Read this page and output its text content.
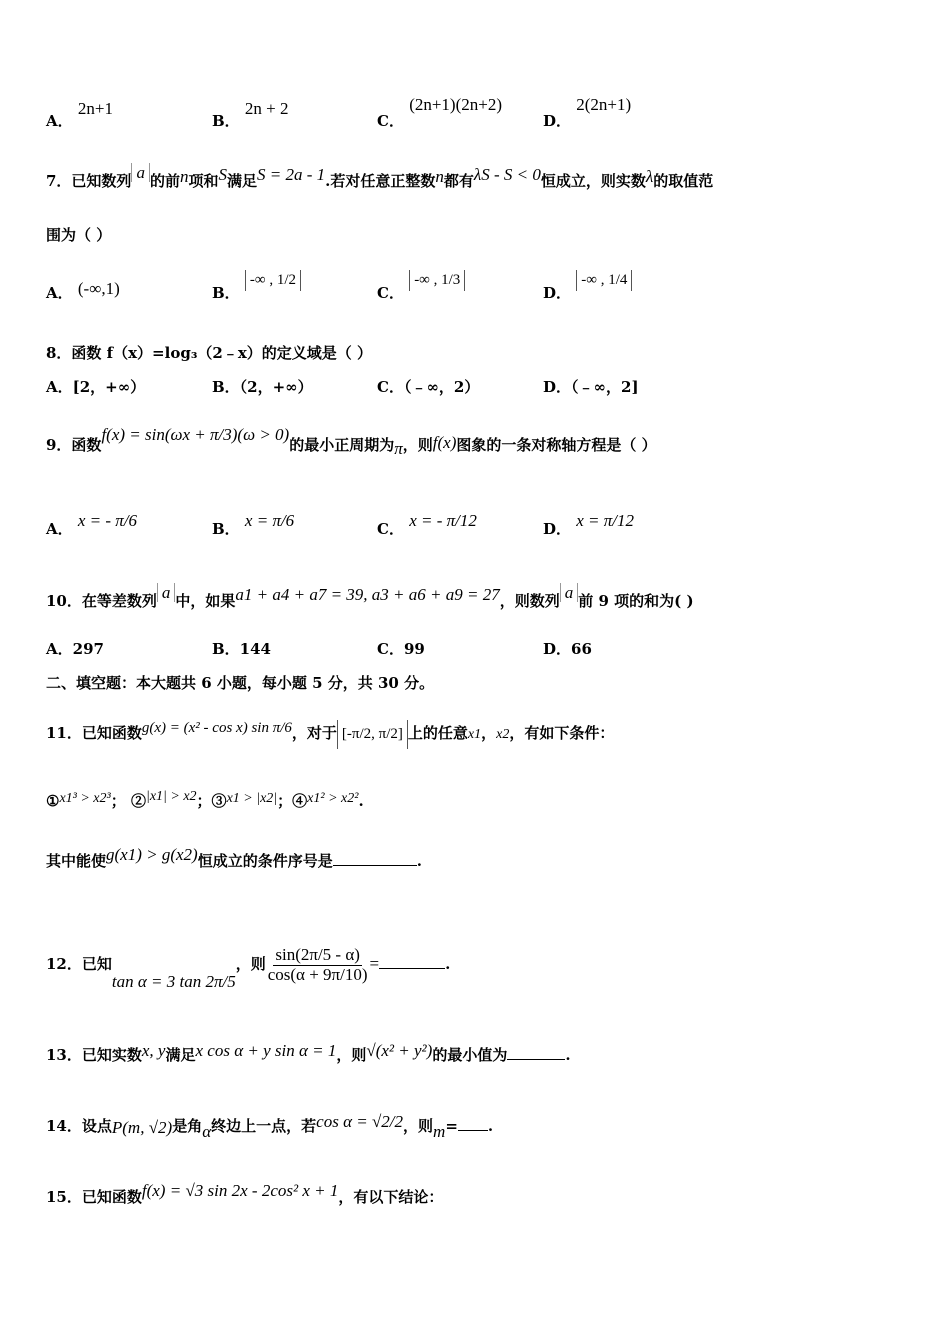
A． 2n+1
B． 2n + 2
C． (2n+1)(2n+2)
D． 2(2n+1)
7．已知数列 a 的前n项和S满足S = 2a - 1.若对任意正整数n都有λS - S < 0恒成立，则实数λ的取值范
围为（ ）
A． (-∞,1)	B． -∞ , 1/2
C． -∞ , 1/3
D． -∞ , 1/4
8．函数 f（x）=log₃（2﹣x）的定义域是（ ）
A．[2，+∞）	B．（2，+∞）	C．（﹣∞，2）	D．（﹣∞，2]
9．函数f(x) = sin(ωx + π/3)(ω > 0)的最小正周期为π，则f(x)图象的一条对称轴方程是（ ）
A． x = - π/6	B． x = π/6	C． x = - π/12	D． x = π/12
10．在等差数列 a 中，如果a1 + a4 + a7 = 39, a3 + a6 + a9 = 27，则数列 a 前 9 项的和为( )
A．297	B．144	C．99	D．66
二、填空题：本大题共 6 小题，每小题 5 分，共 30 分。
11．已知函数g(x) = (x² - cos x) sin π/6，对于 [-π/2, π/2] 上的任意x1，x2，有如下条件：
①x1³ > x2³； ②|x1| > x2；③x1 > |x2|；④x1² > x2².
其中能使g(x1) > g(x2)恒成立的条件序号是	.
12．已知tan α = 3 tan 2π/5，则 $\frac{\sin(2\pi/5 - \alpha)}{\cos(\alpha + 9\pi/10)}$ =	.
13．已知实数x, y满足x cos α + y sin α = 1，则√(x² + y²)的最小值为	.
14．设点P(m, √2)是角α终边上一点，若cos α = √2/2，则m= .
15．已知函数f(x) = √3 sin 2x - 2cos² x + 1，有以下结论：
